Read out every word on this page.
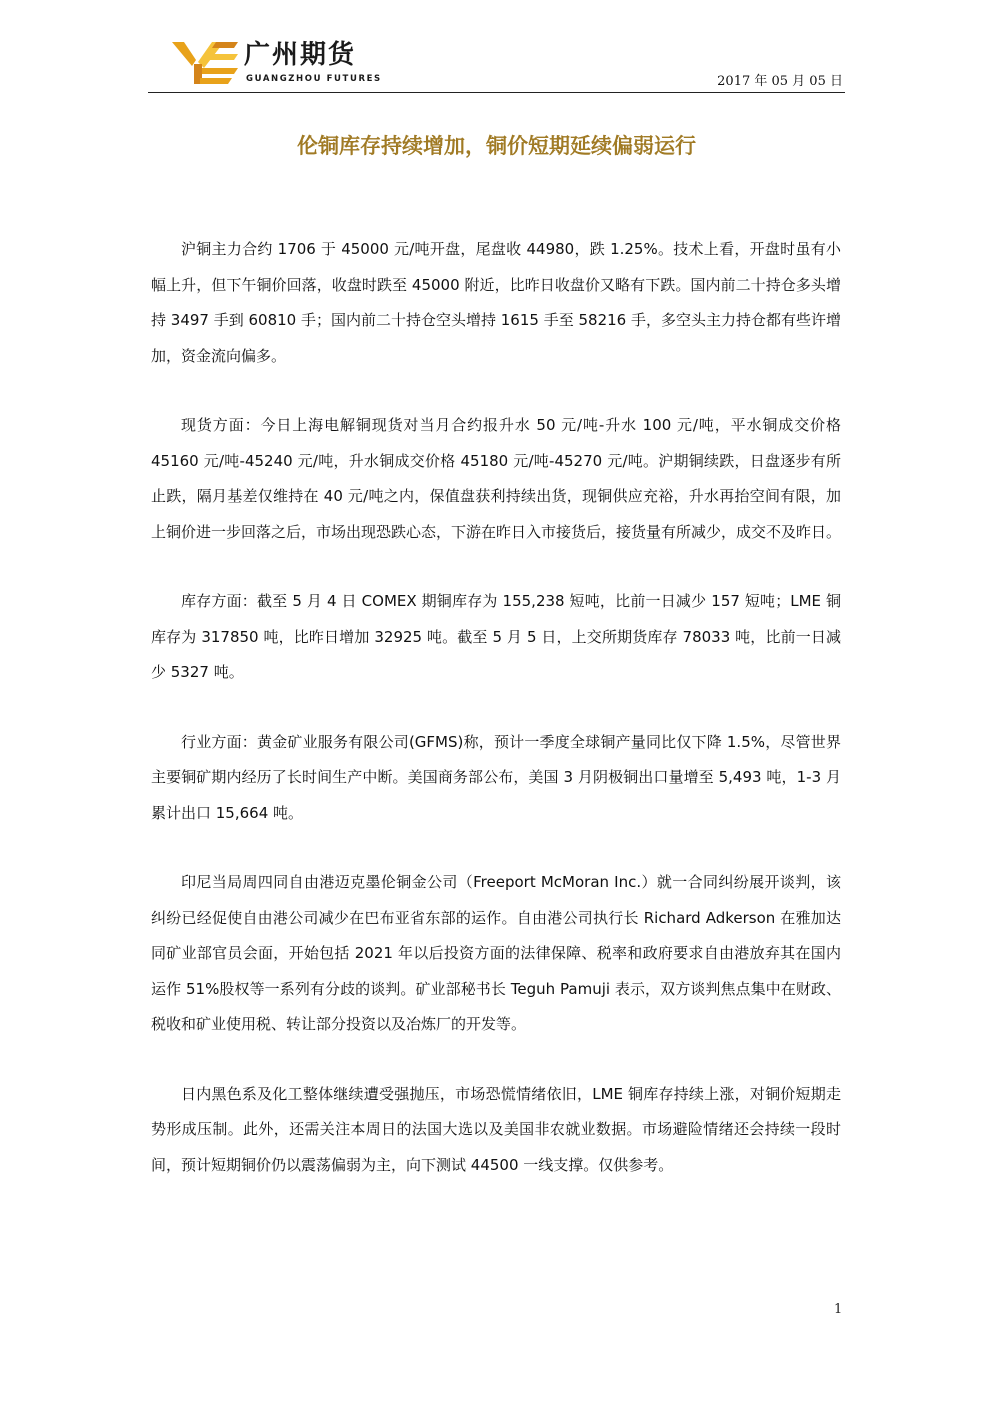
广州期货
GUANGZHOU FUTURES	2017 年 05 月 05 日
伦铜库存持续增加，铜价短期延续偏弱运行

沪铜主力合约 1706 于 45000 元/吨开盘，尾盘收 44980，跌 1.25%。技术上看，开盘时虽有小幅上升，但下午铜价回落，收盘时跌至 45000 附近，比昨日收盘价又略有下跌。国内前二十持仓多头增持 3497 手到 60810 手；国内前二十持仓空头增持 1615 手至 58216 手，多空头主力持仓都有些许增加，资金流向偏多。

现货方面：今日上海电解铜现货对当月合约报升水 50 元/吨-升水 100 元/吨，平水铜成交价格 45160 元/吨-45240 元/吨，升水铜成交价格 45180 元/吨-45270 元/吨。沪期铜续跌，日盘逐步有所止跌，隔月基差仅维持在 40 元/吨之内，保值盘获利持续出货，现铜供应充裕，升水再抬空间有限，加上铜价进一步回落之后，市场出现恐跌心态，下游在昨日入市接货后，接货量有所减少，成交不及昨日。

库存方面：截至 5 月 4 日 COMEX 期铜库存为 155,238 短吨，比前一日减少 157 短吨；LME 铜库存为 317850 吨，比昨日增加 32925 吨。截至 5 月 5 日，上交所期货库存 78033 吨，比前一日减少 5327 吨。

行业方面：黄金矿业服务有限公司(GFMS)称，预计一季度全球铜产量同比仅下降 1.5%，尽管世界主要铜矿期内经历了长时间生产中断。美国商务部公布，美国 3 月阴极铜出口量增至 5,493 吨，1-3 月累计出口 15,664 吨。

印尼当局周四同自由港迈克墨伦铜金公司（Freeport McMoran Inc.）就一合同纠纷展开谈判，该纠纷已经促使自由港公司减少在巴布亚省东部的运作。自由港公司执行长 Richard Adkerson 在雅加达同矿业部官员会面，开始包括 2021 年以后投资方面的法律保障、税率和政府要求自由港放弃其在国内运作 51%股权等一系列有分歧的谈判。矿业部秘书长 Teguh Pamuji 表示，双方谈判焦点集中在财政、税收和矿业使用税、转让部分投资以及冶炼厂的开发等。

日内黑色系及化工整体继续遭受强抛压，市场恐慌情绪依旧，LME 铜库存持续上涨，对铜价短期走势形成压制。此外，还需关注本周日的法国大选以及美国非农就业数据。市场避险情绪还会持续一段时间，预计短期铜价仍以震荡偏弱为主，向下测试 44500 一线支撑。仅供参考。

1
